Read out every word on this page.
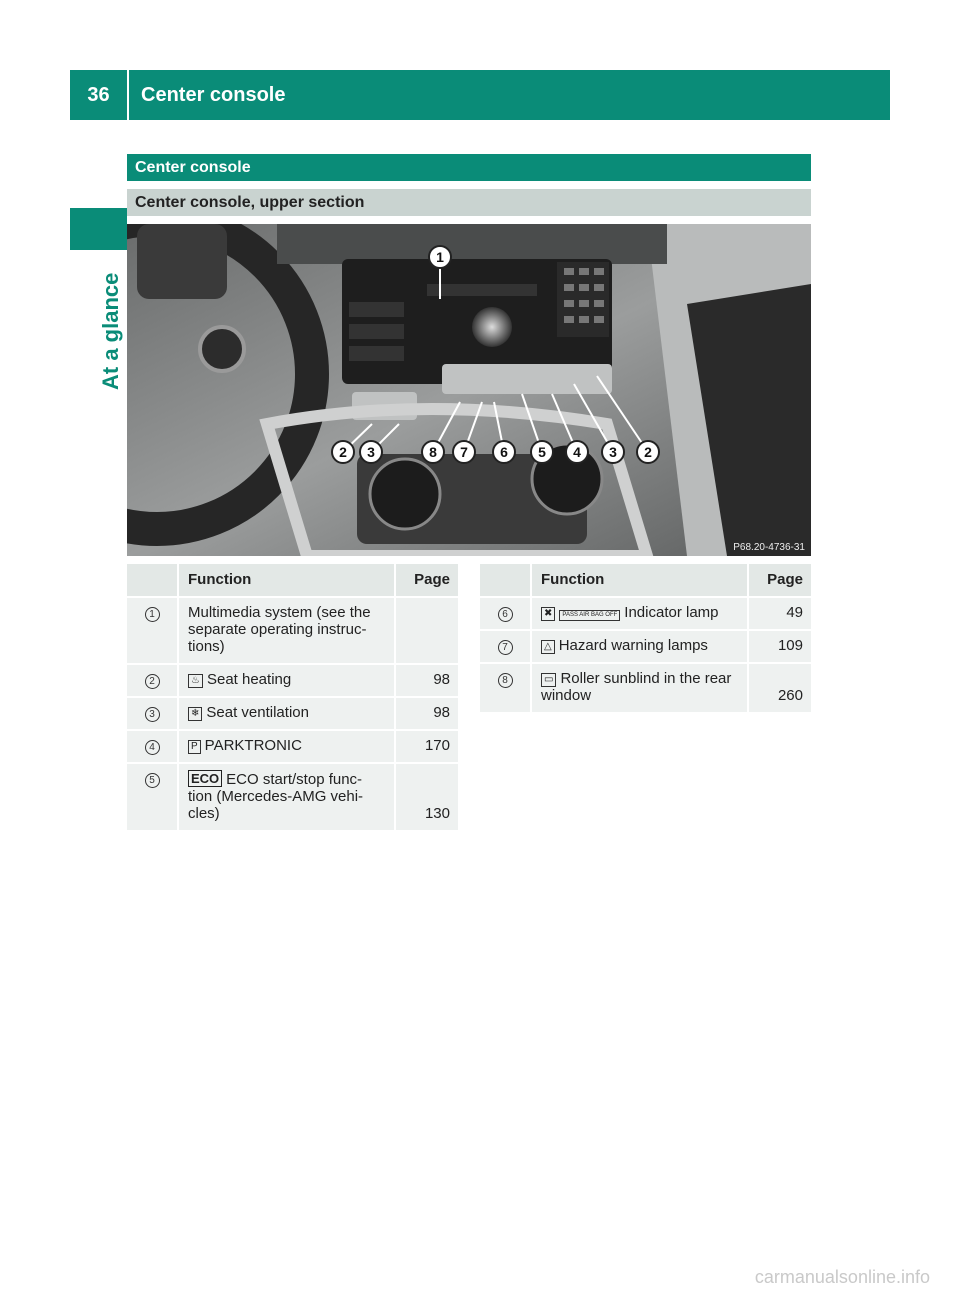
36	Center console
At a glance
Center console
Center console, upper section
1
2 3	8 7 6 5 4 3 2
P68.20-4736-31

	Function	Page

1	Multimedia system (see the separate operating instruc- tions)	

2	♨ Seat heating	98

3	❄ Seat ventilation	98

4	P PARKTRONIC	170

5	ECO ECO start/stop func- tion (Mercedes-AMG vehi- cles)	130

	Function	Page

6	✖ PASS AIR BAG OFF Indicator lamp	49

7	△ Hazard warning lamps	109

8	▭ Roller sunblind in the rear window	260
carmanualsonline.info
